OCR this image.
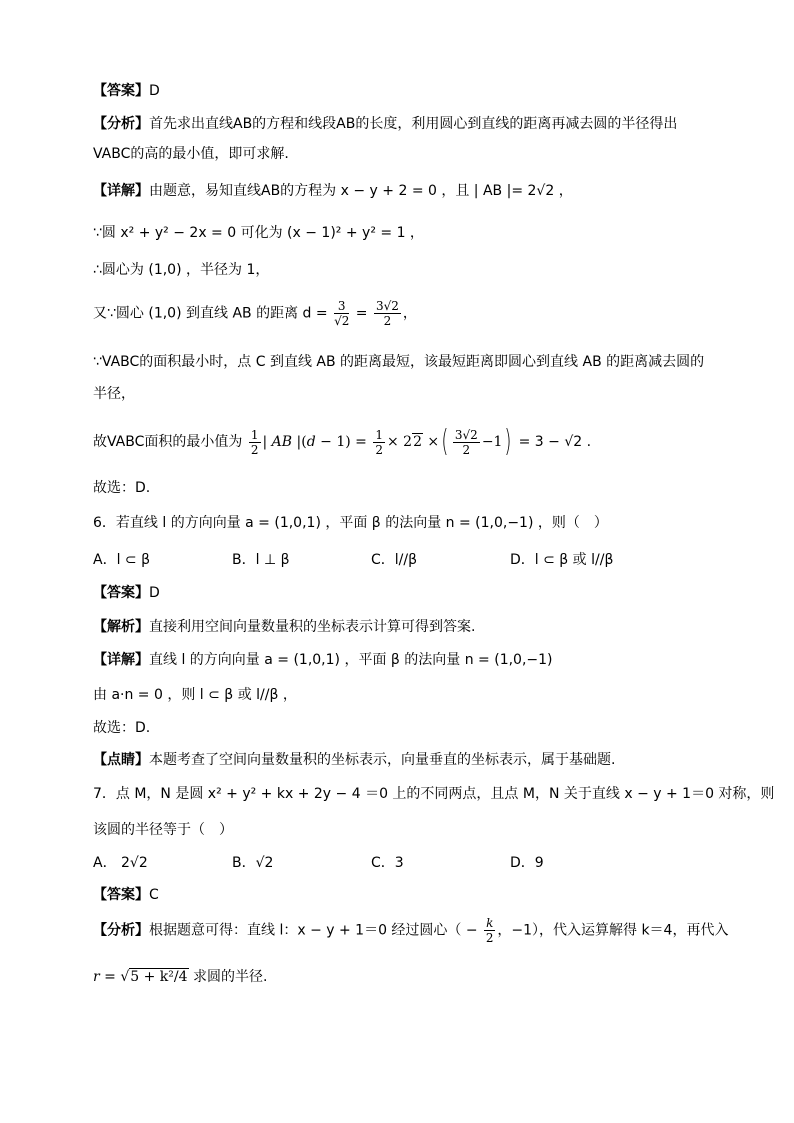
【答案】D
【分析】首先求出直线AB的方程和线段AB的长度，利用圆心到直线的距离再减去圆的半径得出
VABC的高的最小值，即可求解.
【详解】由题意，易知直线AB的方程为 x − y + 2 = 0 ，且 | AB |= 2√2 ，
∵圆 x² + y² − 2x = 0 可化为 (x − 1)² + y² = 1 ，
∴圆心为 (1,0) ，半径为 1，
又∵圆心 (1,0) 到直线 AB 的距离 $d = \frac{3}{√2} = \frac{3√2}{2}$ ，
∵VABC的面积最小时，点 C 到直线 AB 的距离最短，该最短距离即圆心到直线 AB 的距离减去圆的
半径，
故VABC面积的最小值为 $\frac{1}{2}$ | AB $|(d - 1) = \frac{1}{2} \times 22$ ×( $\frac{3√2}{2} -1) = 3 - √2$ .
故选：D.
6．若直线 l 的方向向量 a = (1,0,1) ，平面 β 的法向量 n = (1,0,−1) ，则（　）
A．l ⊂ β	B．l ⊥ β	C．l//β	D．l ⊂ β 或 l//β
【答案】D
【解析】直接利用空间向量数量积的坐标表示计算可得到答案.
【详解】直线 l 的方向向量 a = (1,0,1) ，平面 β 的法向量 n = (1,0,−1)
由 a·n = 0 ，则 l ⊂ β 或 l//β ，
故选：D.
【点睛】本题考查了空间向量数量积的坐标表示，向量垂直的坐标表示，属于基础题.
7．点 M，N 是圆 x² + y² + kx + 2y − 4 ＝0 上的不同两点，且点 M，N 关于直线 x − y + 1＝0 对称，则
该圆的半径等于（　）
A． 2√2	B．√2	C．3	D．9
【答案】C
【分析】根据题意可得：直线 l：x − y + 1＝0 经过圆心（ − $\frac{k}{2}$ ，−1），代入运算解得 k＝4，再代入
r = √5 + k²/4 求圆的半径.
